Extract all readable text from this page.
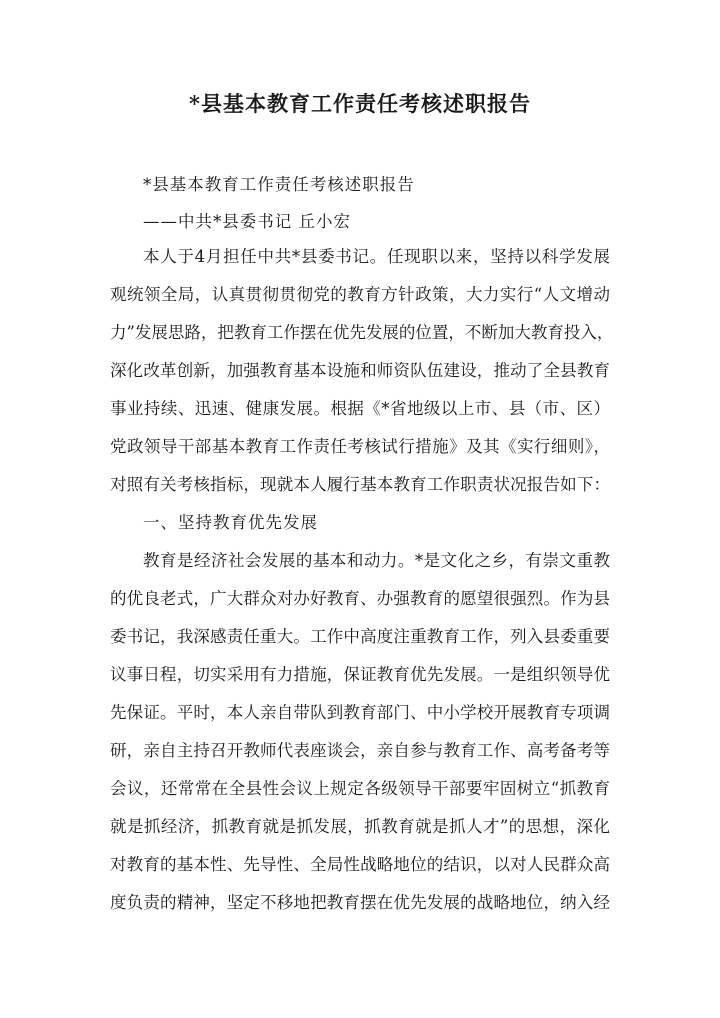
*县基本教育工作责任考核述职报告
*县基本教育工作责任考核述职报告
——中共*县委书记 丘小宏
本人于4月担任中共*县委书记。任现职以来，坚持以科学发展
观统领全局，认真贯彻贯彻党的教育方针政策，大力实行“人文增动
力”发展思路，把教育工作摆在优先发展的位置，不断加大教育投入，
深化改革创新，加强教育基本设施和师资队伍建设，推动了全县教育
事业持续、迅速、健康发展。根据《*省地级以上市、县（市、区）
党政领导干部基本教育工作责任考核试行措施》及其《实行细则》，
对照有关考核指标，现就本人履行基本教育工作职责状况报告如下：
一、坚持教育优先发展
教育是经济社会发展的基本和动力。*是文化之乡，有崇文重教
的优良老式，广大群众对办好教育、办强教育的愿望很强烈。作为县
委书记，我深感责任重大。工作中高度注重教育工作，列入县委重要
议事日程，切实采用有力措施，保证教育优先发展。一是组织领导优
先保证。平时，本人亲自带队到教育部门、中小学校开展教育专项调
研，亲自主持召开教师代表座谈会，亲自参与教育工作、高考备考等
会议，还常常在全县性会议上规定各级领导干部要牢固树立“抓教育
就是抓经济，抓教育就是抓发展，抓教育就是抓人才”的思想，深化
对教育的基本性、先导性、全局性战略地位的结识，以对人民群众高
度负责的精神，坚定不移地把教育摆在优先发展的战略地位，纳入经
